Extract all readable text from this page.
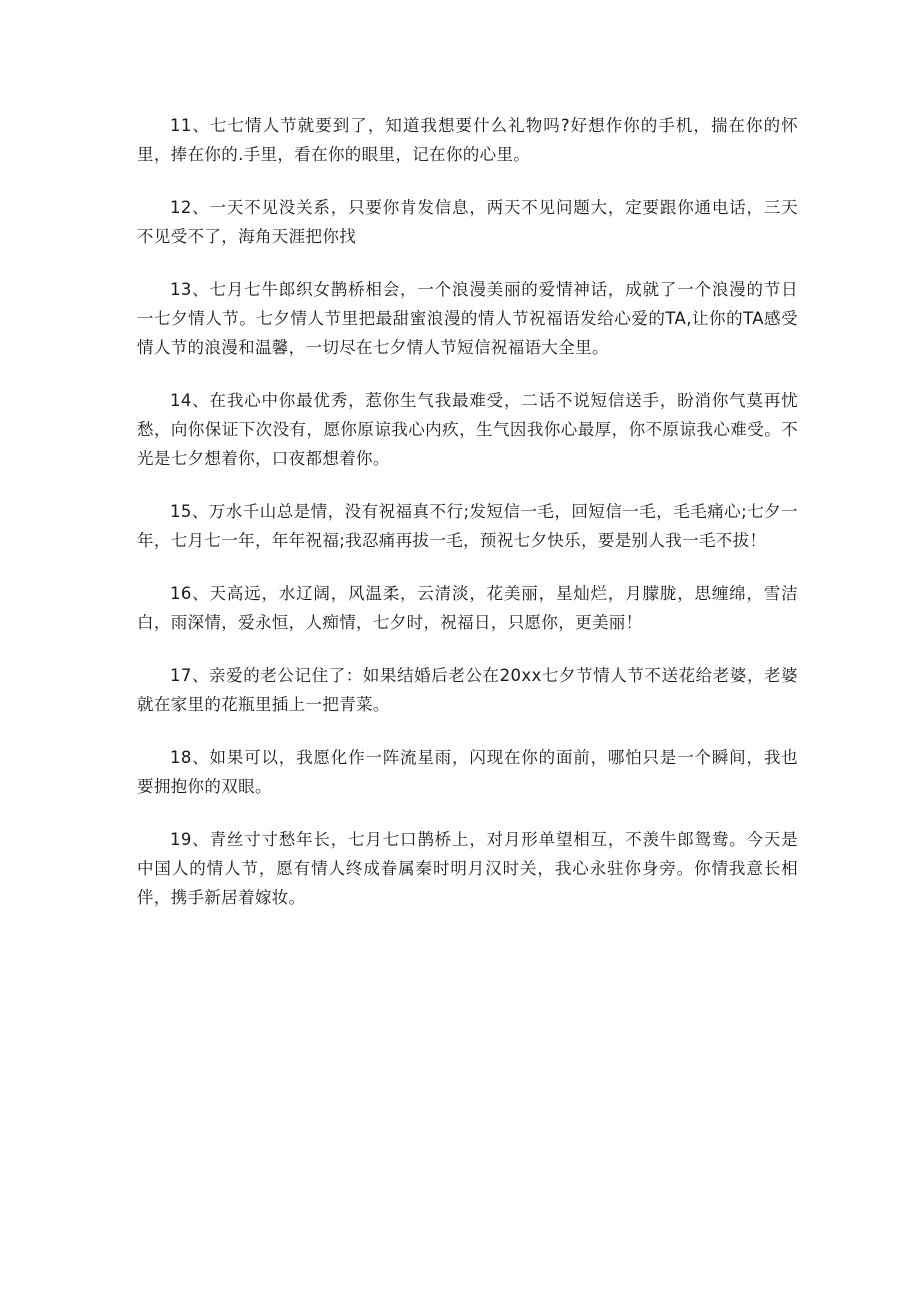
11、七七情人节就要到了，知道我想要什么礼物吗?好想作你的手机，揣在你的怀里，捧在你的.手里，看在你的眼里，记在你的心里。

12、一天不见没关系，只要你肯发信息，两天不见问题大，定要跟你通电话，三天不见受不了，海角天涯把你找

13、七月七牛郎织女鹊桥相会，一个浪漫美丽的爱情神话，成就了一个浪漫的节日一七夕情人节。七夕情人节里把最甜蜜浪漫的情人节祝福语发给心爱的TA,让你的TA感受情人节的浪漫和温馨，一切尽在七夕情人节短信祝福语大全里。

14、在我心中你最优秀，惹你生气我最难受，二话不说短信送手，盼消你气莫再忧愁，向你保证下次没有，愿你原谅我心内疚，生气因我你心最厚，你不原谅我心难受。不光是七夕想着你，口夜都想着你。

15、万水千山总是情，没有祝福真不行;发短信一毛，回短信一毛，毛毛痛心;七夕一年，七月七一年，年年祝福;我忍痛再拔一毛，预祝七夕快乐，要是别人我一毛不拔！

16、天高远，水辽阔，风温柔，云清淡，花美丽，星灿烂，月朦胧，思缠绵，雪洁白，雨深情，爱永恒，人痴情，七夕时，祝福日，只愿你，更美丽！

17、亲爱的老公记住了：如果结婚后老公在20xx七夕节情人节不送花给老婆，老婆就在家里的花瓶里插上一把青菜。

18、如果可以，我愿化作一阵流星雨，闪现在你的面前，哪怕只是一个瞬间，我也要拥抱你的双眼。

19、青丝寸寸愁年长，七月七口鹊桥上，对月形单望相互，不羡牛郎鸳鸯。今天是中国人的情人节，愿有情人终成眷属秦时明月汉时关，我心永驻你身旁。你情我意长相伴，携手新居着嫁妆。
